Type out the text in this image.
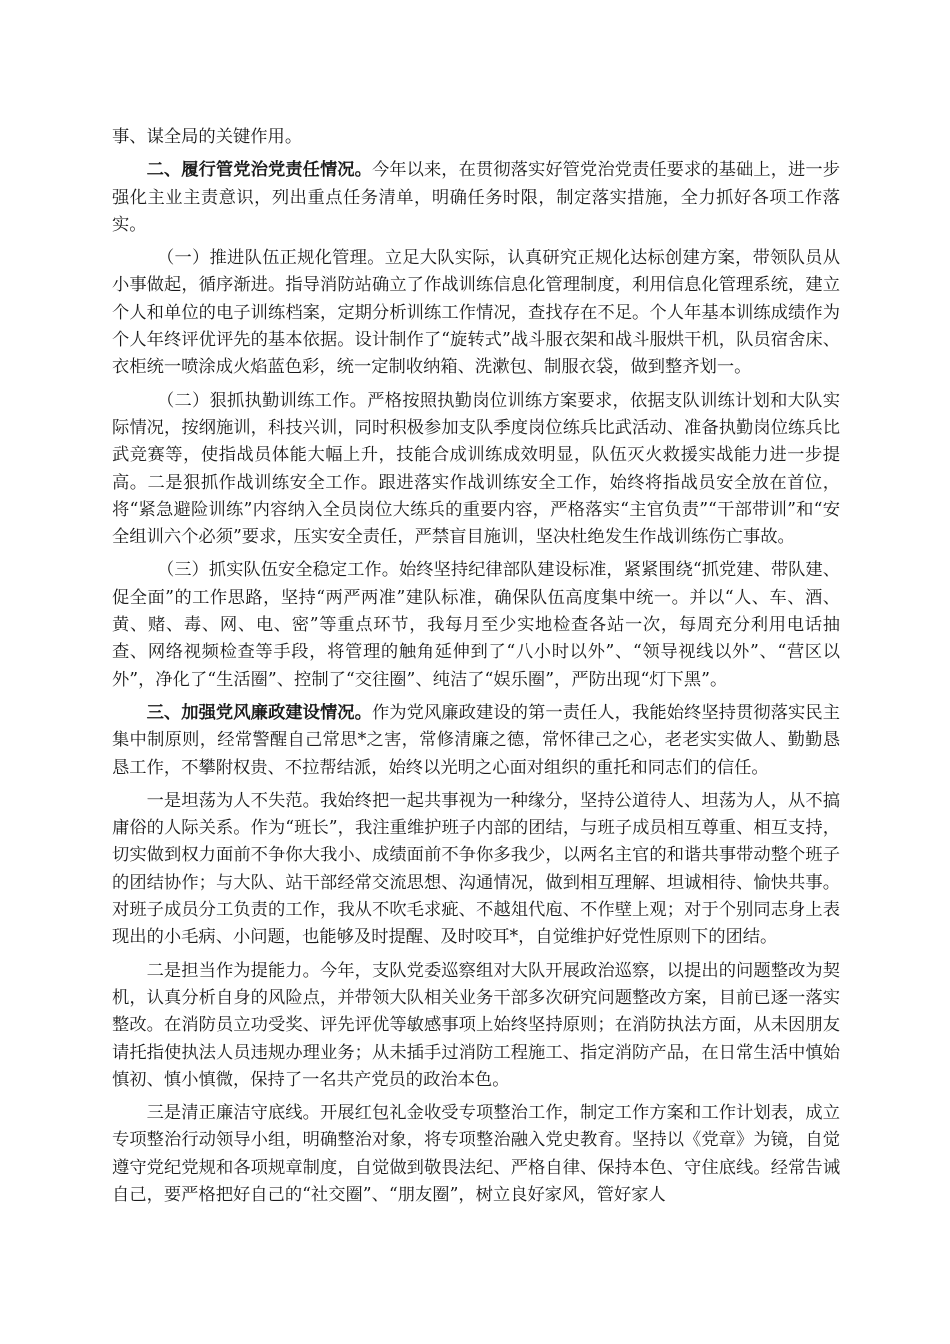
事、谋全局的关键作用。

二、履行管党治党责任情况。今年以来，在贯彻落实好管党治党责任要求的基础上，进一步强化主业主责意识，列出重点任务清单，明确任务时限，制定落实措施，全力抓好各项工作落实。

（一）推进队伍正规化管理。立足大队实际，认真研究正规化达标创建方案，带领队员从小事做起，循序渐进。指导消防站确立了作战训练信息化管理制度，利用信息化管理系统，建立个人和单位的电子训练档案，定期分析训练工作情况，查找存在不足。个人年基本训练成绩作为个人年终评优评先的基本依据。设计制作了“旋转式”战斗服衣架和战斗服烘干机，队员宿舍床、衣柜统一喷涂成火焰蓝色彩，统一定制收纳箱、洗漱包、制服衣袋，做到整齐划一。

（二）狠抓执勤训练工作。严格按照执勤岗位训练方案要求，依据支队训练计划和大队实际情况，按纲施训，科技兴训，同时积极参加支队季度岗位练兵比武活动、准备执勤岗位练兵比武竞赛等，使指战员体能大幅上升，技能合成训练成效明显，队伍灭火救援实战能力进一步提高。二是狠抓作战训练安全工作。跟进落实作战训练安全工作，始终将指战员安全放在首位，将“紧急避险训练”内容纳入全员岗位大练兵的重要内容，严格落实“主官负责”“干部带训”和“安全组训六个必须”要求，压实安全责任，严禁盲目施训，坚决杜绝发生作战训练伤亡事故。

（三）抓实队伍安全稳定工作。始终坚持纪律部队建设标准，紧紧围绕“抓党建、带队建、促全面”的工作思路，坚持“两严两准”建队标准，确保队伍高度集中统一。并以“人、车、酒、黄、赌、毒、网、电、密”等重点环节，我每月至少实地检查各站一次，每周充分利用电话抽查、网络视频检查等手段，将管理的触角延伸到了“八小时以外”、“领导视线以外”、“营区以外”，净化了“生活圈”、控制了“交往圈”、纯洁了“娱乐圈”，严防出现“灯下黑”。

三、加强党风廉政建设情况。作为党风廉政建设的第一责任人，我能始终坚持贯彻落实民主集中制原则，经常警醒自己常思*之害，常修清廉之德，常怀律己之心，老老实实做人、勤勤恳恳工作，不攀附权贵、不拉帮结派，始终以光明之心面对组织的重托和同志们的信任。

一是坦荡为人不失范。我始终把一起共事视为一种缘分，坚持公道待人、坦荡为人，从不搞庸俗的人际关系。作为“班长”，我注重维护班子内部的团结，与班子成员相互尊重、相互支持，切实做到权力面前不争你大我小、成绩面前不争你多我少，以两名主官的和谐共事带动整个班子的团结协作；与大队、站干部经常交流思想、沟通情况，做到相互理解、坦诚相待、愉快共事。对班子成员分工负责的工作，我从不吹毛求疵、不越俎代庖、不作壁上观；对于个别同志身上表现出的小毛病、小问题，也能够及时提醒、及时咬耳*，自觉维护好党性原则下的团结。

二是担当作为提能力。今年，支队党委巡察组对大队开展政治巡察，以提出的问题整改为契机，认真分析自身的风险点，并带领大队相关业务干部多次研究问题整改方案，目前已逐一落实整改。在消防员立功受奖、评先评优等敏感事项上始终坚持原则；在消防执法方面，从未因朋友请托指使执法人员违规办理业务；从未插手过消防工程施工、指定消防产品，在日常生活中慎始慎初、慎小慎微，保持了一名共产党员的政治本色。

三是清正廉洁守底线。开展红包礼金收受专项整治工作，制定工作方案和工作计划表，成立专项整治行动领导小组，明确整治对象，将专项整治融入党史教育。坚持以《党章》为镜，自觉遵守党纪党规和各项规章制度，自觉做到敬畏法纪、严格自律、保持本色、守住底线。经常告诫自己，要严格把好自己的“社交圈”、“朋友圈”，树立良好家风，管好家人
